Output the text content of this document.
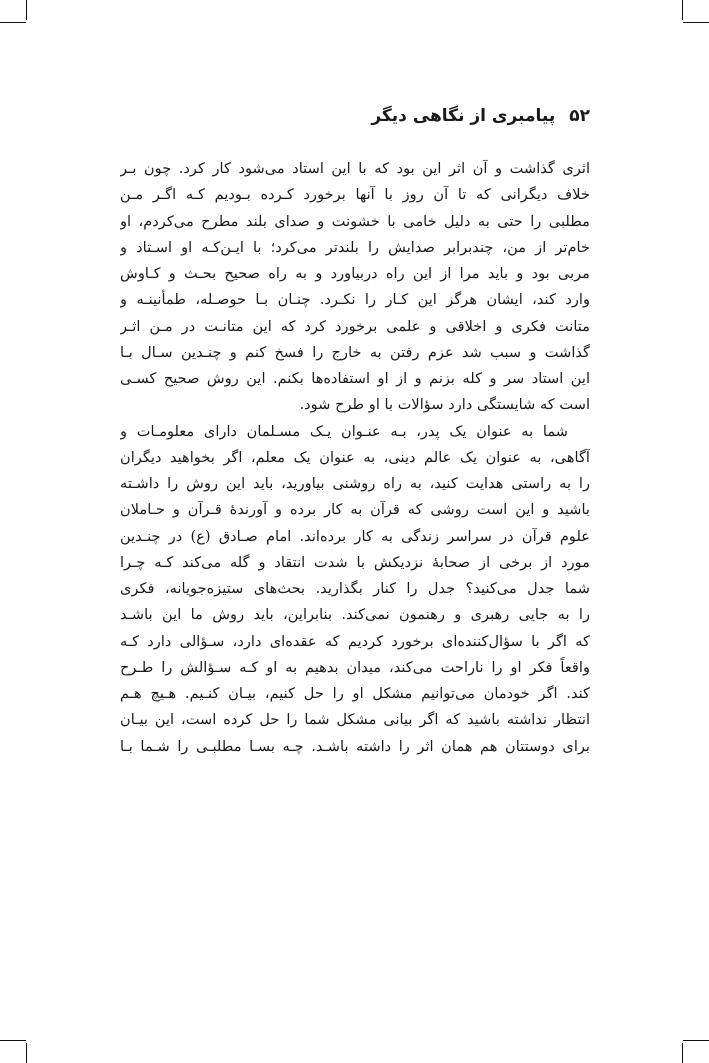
۵۲پیامبری از نگاهی دیگر
اثری گذاشت و آن اثر این بود که با این استاد می‌شود کار کرد. چون بـر
خلاف دیگرانی که تا آن روز با آنها برخورد کـرده بـودیم کـه اگـر مـن
مطلبی را حتی به دلیل خامی با خشونت و صدای بلند مطرح می‌کردم، او
خام‌تر از من، چندبرابر صدایش را بلندتر می‌کرد؛ با ایـن‌کـه او اسـتاد و
مربی بود و باید مرا از این راه دربیاورد و به راه صحیح بحـث و کـاوش
وارد کند، ایشان هرگز این کـار را نکـرد. چنـان بـا حوصـله، طمأنینـه و
متانت فکری و اخلاقی و علمی برخورد کرد که این متانـت در مـن اثـر
گذاشت و سبب شد عزم رفتن به خارج را فسخ کنم و چنـدین سـال بـا
این استاد سر و کله بزنم و از او استفاده‌ها بکنم. این روش صحیح کسـی
است که شایستگی دارد سؤالات با او طرح شود.
شما به عنوان یک پدر، بـه عنـوان یـک مسـلمان دارای معلومـات و
آگاهی، به عنوان یک عالم دینی، به عنوان یک معلم، اگر بخواهید دیگران
را به راستی هدایت کنید، به راه روشنی بیاورید، باید این روش را داشـته
باشید و این است روشی که قرآن به کار برده و آورندۀ قـرآن و حـاملان
علوم قرآن در سراسر زندگی به کار برده‌اند. امام صـادق (ع) در چنـدین
مورد از برخی از صحابۀ نزدیکش با شدت انتقاد و گله می‌کند کـه چـرا
شما جدل می‌کنید؟ جدل را کنار بگذارید. بحث‌های ستیزه‌جویانه، فکری
را به جایی رهبری و رهنمون نمی‌کند. بنابراین، باید روش ما این باشـد
که اگر با سؤال‌کننده‌ای برخورد کردیم که عقده‌ای دارد، سـؤالی دارد کـه
واقعاً فکر او را ناراحت می‌کند، میدان بدهیم به او کـه سـؤالش را طـرح
کند. اگر خودمان می‌توانیم مشکل او را حل کنیم، بیـان کنـیم. هـیچ هـم
انتظار نداشته باشید که اگر بیانی مشکل شما را حل کرده است، این بیـان
برای دوستتان هم همان اثر را داشته باشـد. چـه بسـا مطلبـی را شـما بـا
